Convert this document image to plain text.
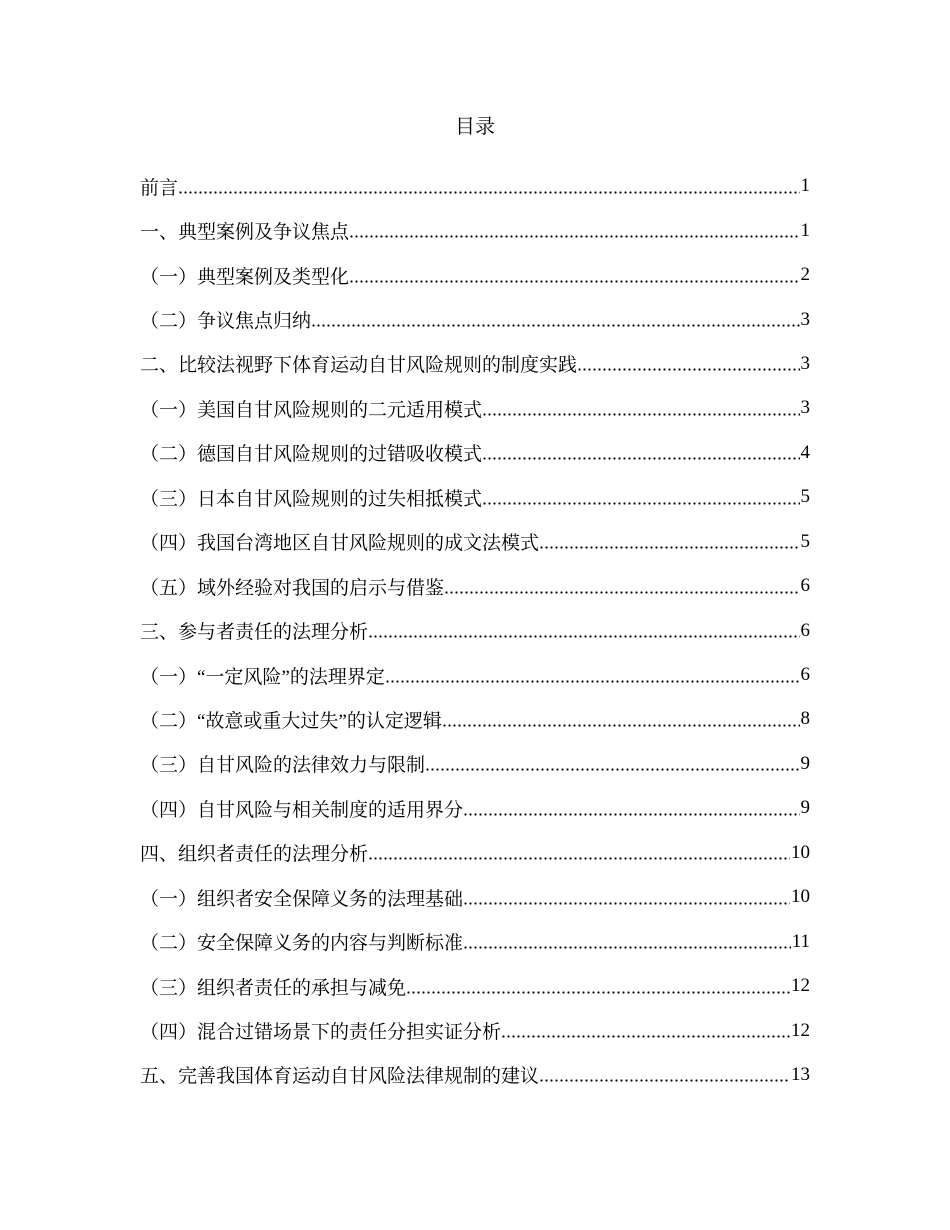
目录
前言	1
一、典型案例及争议焦点	1
（一）典型案例及类型化	2
（二）争议焦点归纳	3
二、比较法视野下体育运动自甘风险规则的制度实践	3
（一）美国自甘风险规则的二元适用模式	3
（二）德国自甘风险规则的过错吸收模式	4
（三）日本自甘风险规则的过失相抵模式	5
（四）我国台湾地区自甘风险规则的成文法模式	5
（五）域外经验对我国的启示与借鉴	6
三、参与者责任的法理分析	6
（一）“一定风险”的法理界定	6
（二）“故意或重大过失”的认定逻辑	8
（三）自甘风险的法律效力与限制	9
（四）自甘风险与相关制度的适用界分	9
四、组织者责任的法理分析	10
（一）组织者安全保障义务的法理基础	10
（二）安全保障义务的内容与判断标准	11
（三）组织者责任的承担与减免	12
（四）混合过错场景下的责任分担实证分析	12
五、完善我国体育运动自甘风险法律规制的建议	13
